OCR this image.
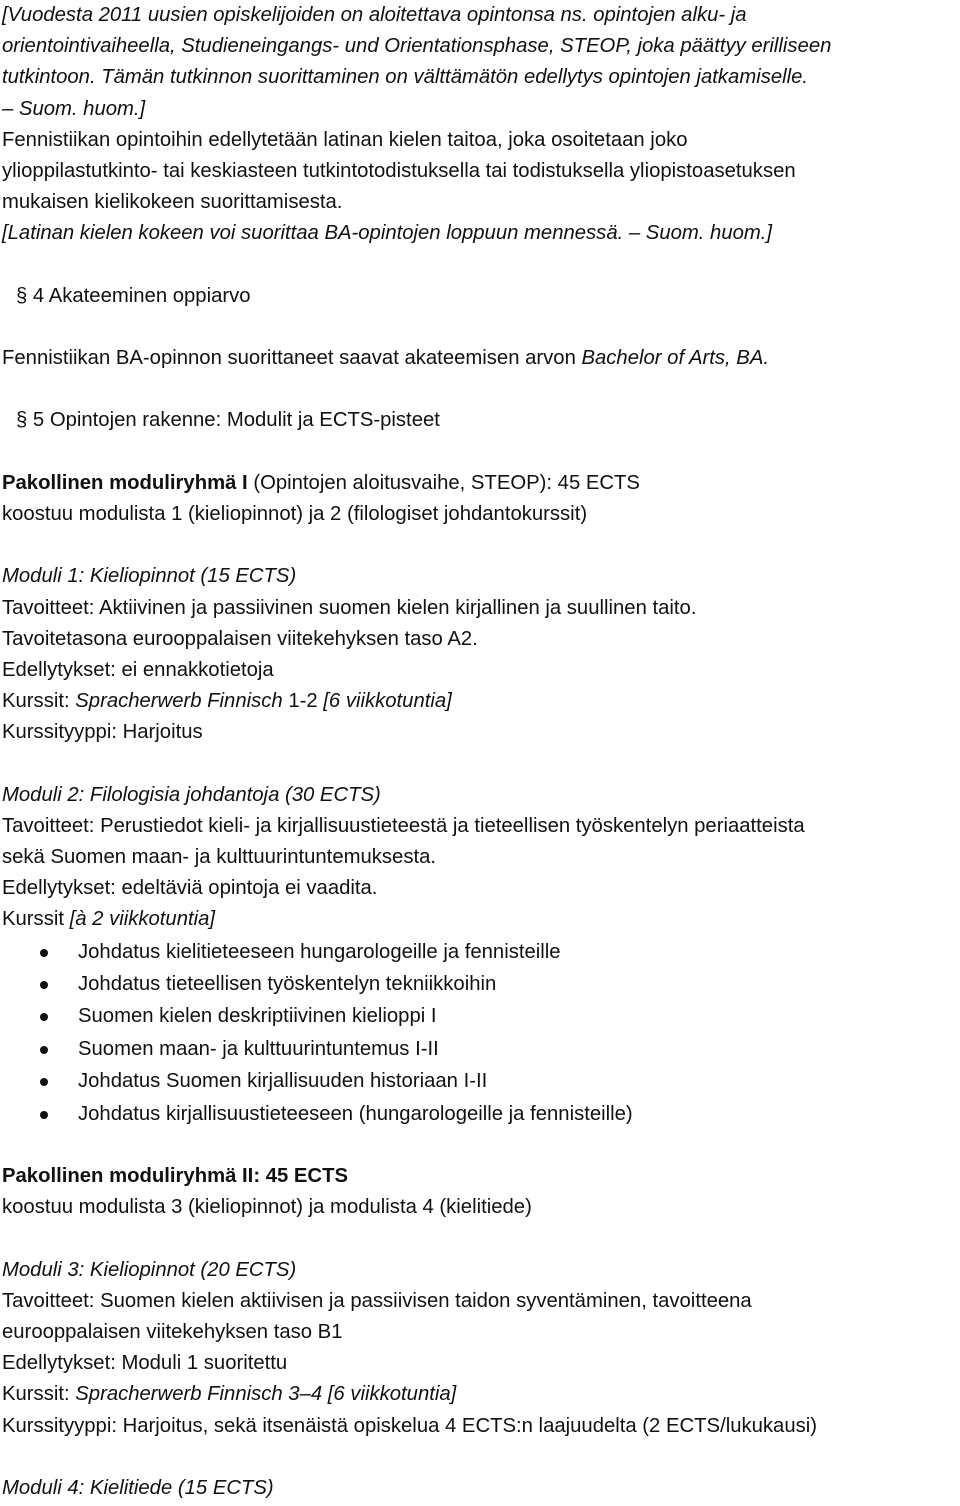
[Vuodesta 2011 uusien opiskelijoiden on aloitettava opintonsa ns. opintojen alku- ja
orientointivaiheella, Studieneingangs- und Orientationsphase, STEOP, joka päättyy erilliseen
tutkintoon. Tämän tutkinnon suorittaminen on välttämätön edellytys opintojen jatkamiselle.
– Suom. huom.]
Fennistiikan opintoihin edellytetään latinan kielen taitoa, joka osoitetaan joko
ylioppilastutkinto- tai keskiasteen tutkintotodistuksella tai todistuksella yliopistoasetuksen
mukaisen kielikokeen suorittamisesta.
[Latinan kielen kokeen voi suorittaa BA-opintojen loppuun mennessä. – Suom. huom.]
§ 4 Akateeminen oppiarvo
Fennistiikan BA-opinnon suorittaneet saavat akateemisen arvon Bachelor of Arts, BA.
§ 5 Opintojen rakenne: Modulit ja ECTS-pisteet
Pakollinen moduliryhmä I (Opintojen aloitusvaihe, STEOP): 45 ECTS
koostuu modulista 1 (kieliopinnot) ja 2 (filologiset johdantokurssit)
Moduli 1: Kieliopinnot (15 ECTS)
Tavoitteet: Aktiivinen ja passiivinen suomen kielen kirjallinen ja suullinen taito.
Tavoitetasona eurooppalaisen viitekehyksen taso A2.
Edellytykset: ei ennakkotietoja
Kurssit: Spracherwerb Finnisch 1-2 [6 viikkotuntia]
Kurssityyppi: Harjoitus
Moduli 2: Filologisia johdantoja (30 ECTS)
Tavoitteet: Perustiedot kieli- ja kirjallisuustieteestä ja tieteellisen työskentelyn periaatteista
sekä Suomen maan- ja kulttuurintuntemuksesta.
Edellytykset: edeltäviä opintoja ei vaadita.
Kurssit [à 2 viikkotuntia]
Johdatus kielitieteeseen hungarologeille ja fennisteille
Johdatus tieteellisen työskentelyn tekniikkoihin
Suomen kielen deskriptiivinen kielioppi I
Suomen maan- ja kulttuurintuntemus I-II
Johdatus Suomen kirjallisuuden historiaan I-II
Johdatus kirjallisuustieteeseen (hungarologeille ja fennisteille)
Pakollinen moduliryhmä II: 45 ECTS
koostuu modulista 3 (kieliopinnot) ja modulista 4 (kielitiede)
Moduli 3: Kieliopinnot (20 ECTS)
Tavoitteet: Suomen kielen aktiivisen ja passiivisen taidon syventäminen, tavoitteena
eurooppalaisen viitekehyksen taso B1
Edellytykset: Moduli 1 suoritettu
Kurssit: Spracherwerb Finnisch 3–4 [6 viikkotuntia]
Kurssityyppi: Harjoitus, sekä itsenäistä opiskelua 4 ECTS:n laajuudelta (2 ECTS/lukukausi)
Moduli 4: Kielitiede (15 ECTS)
